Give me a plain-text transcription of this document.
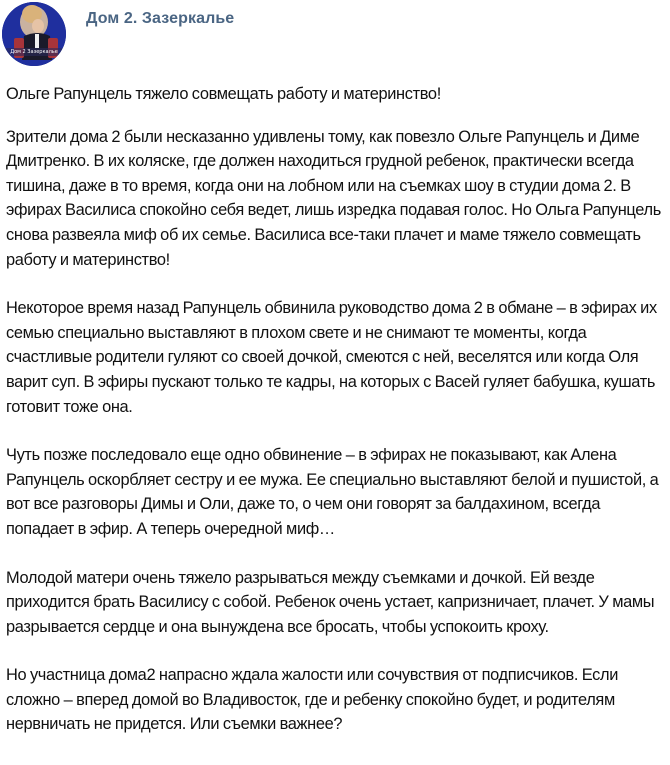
Дом 2 Зазеркалье
Дом 2. Зазеркалье

Ольге Рапунцель тяжело совмещать работу и материнство!

Зрители дома 2 были несказанно удивлены тому, как повезло Ольге Рапунцель и Диме Дмитренко. В их коляске, где должен находиться грудной ребенок, практически всегда тишина, даже в то время, когда они на лобном или на съемках шоу в студии дома 2. В эфирах Василиса спокойно себя ведет, лишь изредка подавая голос. Но Ольга Рапунцель снова развеяла миф об их семье. Василиса все-таки плачет и маме тяжело совмещать работу и материнство!

Некоторое время назад Рапунцель обвинила руководство дома 2 в обмане – в эфирах их семью специально выставляют в плохом свете и не снимают те моменты, когда счастливые родители гуляют со своей дочкой, смеются с ней, веселятся или когда Оля варит суп. В эфиры пускают только те кадры, на которых с Васей гуляет бабушка, кушать готовит тоже она.

Чуть позже последовало еще одно обвинение – в эфирах не показывают, как Алена Рапунцель оскорбляет сестру и ее мужа. Ее специально выставляют белой и пушистой, а вот все разговоры Димы и Оли, даже то, о чем они говорят за балдахином, всегда попадает в эфир. А теперь очередной миф…

Молодой матери очень тяжело разрываться между съемками и дочкой. Ей везде приходится брать Василису с собой. Ребенок очень устает, капризничает, плачет. У мамы разрывается сердце и она вынуждена все бросать, чтобы успокоить кроху.

Но участница дома2 напрасно ждала жалости или сочувствия от подписчиков. Если сложно – вперед домой во Владивосток, где и ребенку спокойно будет, и родителям нервничать не придется. Или съемки важнее?
